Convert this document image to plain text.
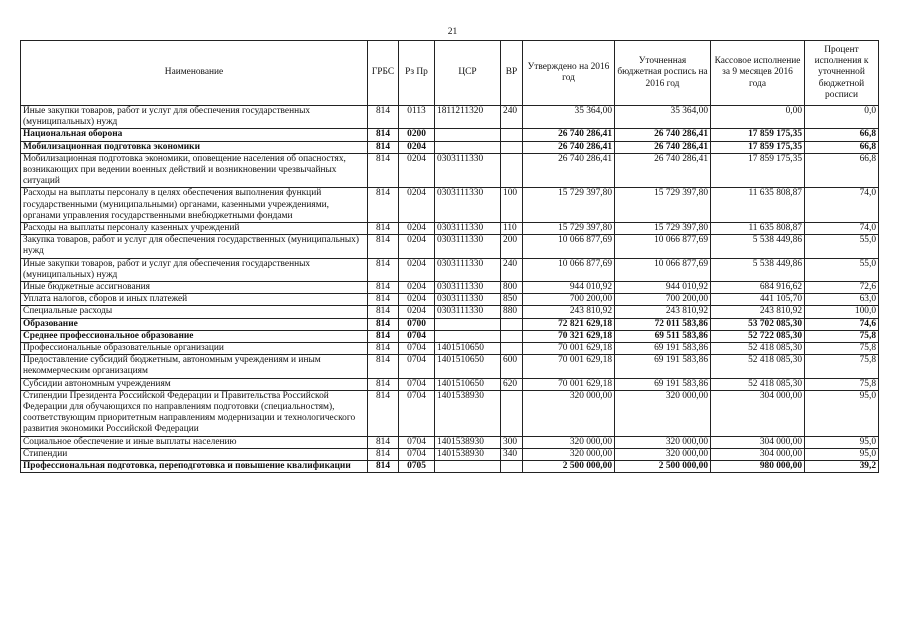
21
Наименование	ГРБС	Рз Пр	ЦСР	ВР	Утверждено на 2016 год	Уточненная бюджетная роспись на 2016 год	Кассовое исполнение за 9 месяцев 2016 года	Процент исполнения к уточненной бюджетной росписи
Иные закупки товаров, работ и услуг для обеспечения государственных (муниципальных) нужд	814	0113	1811211320	240	35 364,00	35 364,00	0,00	0,0
Национальная оборона	814	0200			26 740 286,41	26 740 286,41	17 859 175,35	66,8
Мобилизационная подготовка экономики	814	0204			26 740 286,41	26 740 286,41	17 859 175,35	66,8
Мобилизационная подготовка экономики, оповещение населения об опасностях, возникающих при ведении военных действий и возникновении чрезвычайных ситуаций	814	0204	0303111330		26 740 286,41	26 740 286,41	17 859 175,35	66,8
Расходы на выплаты персоналу в целях обеспечения выполнения функций государственными (муниципальными) органами, казенными учреждениями, органами управления государственными внебюджетными фондами	814	0204	0303111330	100	15 729 397,80	15 729 397,80	11 635 808,87	74,0
Расходы на выплаты персоналу казенных учреждений	814	0204	0303111330	110	15 729 397,80	15 729 397,80	11 635 808,87	74,0
Закупка товаров, работ и услуг для обеспечения государственных (муниципальных) нужд	814	0204	0303111330	200	10 066 877,69	10 066 877,69	5 538 449,86	55,0
Иные закупки товаров, работ и услуг для обеспечения государственных (муниципальных) нужд	814	0204	0303111330	240	10 066 877,69	10 066 877,69	5 538 449,86	55,0
Иные бюджетные ассигнования	814	0204	0303111330	800	944 010,92	944 010,92	684 916,62	72,6
Уплата налогов, сборов и иных платежей	814	0204	0303111330	850	700 200,00	700 200,00	441 105,70	63,0
Специальные расходы	814	0204	0303111330	880	243 810,92	243 810,92	243 810,92	100,0
Образование	814	0700			72 821 629,18	72 011 583,86	53 702 085,30	74,6
Среднее профессиональное образование	814	0704			70 321 629,18	69 511 583,86	52 722 085,30	75,8
Профессиональные образовательные организации	814	0704	1401510650		70 001 629,18	69 191 583,86	52 418 085,30	75,8
Предоставление субсидий бюджетным, автономным учреждениям и иным некоммерческим организациям	814	0704	1401510650	600	70 001 629,18	69 191 583,86	52 418 085,30	75,8
Субсидии автономным учреждениям	814	0704	1401510650	620	70 001 629,18	69 191 583,86	52 418 085,30	75,8
Стипендии Президента Российской Федерации и Правительства Российской Федерации для обучающихся по направлениям подготовки (специальностям), соответствующим приоритетным направлениям модернизации и технологического развития экономики Российской Федерации	814	0704	1401538930		320 000,00	320 000,00	304 000,00	95,0
Социальное обеспечение и иные выплаты населению	814	0704	1401538930	300	320 000,00	320 000,00	304 000,00	95,0
Стипендии	814	0704	1401538930	340	320 000,00	320 000,00	304 000,00	95,0
Профессиональная подготовка, переподготовка и повышение квалификации	814	0705			2 500 000,00	2 500 000,00	980 000,00	39,2
